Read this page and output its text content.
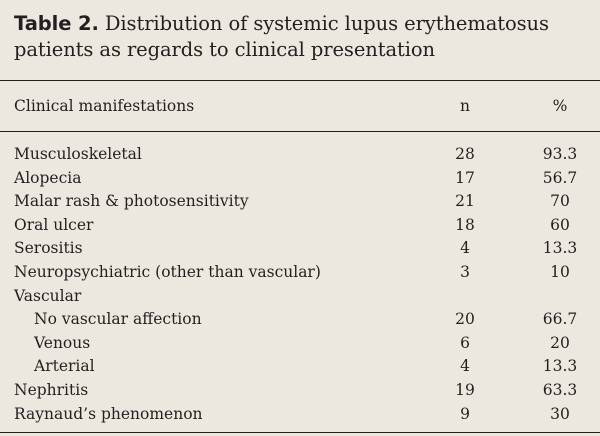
Table 2. Distribution of systemic lupus erythematosus patients as regards to clinical presentation
Clinical manifestations	n	%
Musculoskeletal	28	93.3
Alopecia	17	56.7
Malar rash & photosensitivity	21	70
Oral ulcer	18	60
Serositis	4	13.3
Neuropsychiatric (other than vascular)	3	10
Vascular
No vascular affection	20	66.7
Venous	6	20
Arterial	4	13.3
Nephritis	19	63.3
Raynaud’s phenomenon	9	30
